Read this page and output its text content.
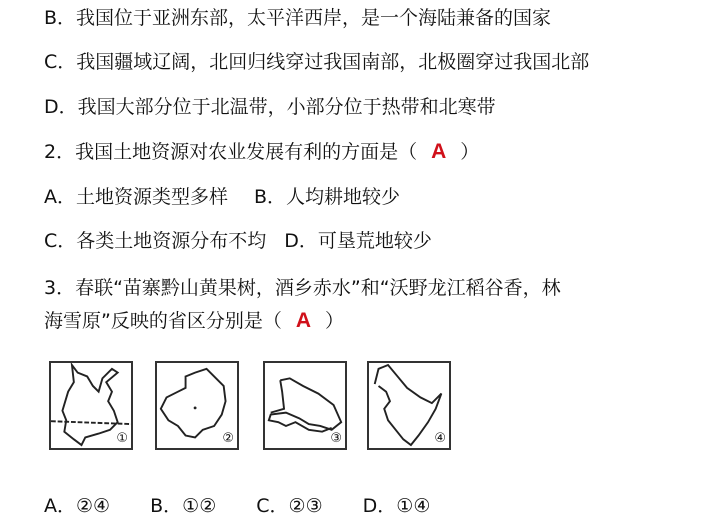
B．我国位于亚洲东部，太平洋西岸，是一个海陆兼备的国家
C．我国疆域辽阔，北回归线穿过我国南部，北极圈穿过我国北部
D．我国大部分位于北温带，小部分位于热带和北寒带
2．我国土地资源对农业发展有利的方面是（ A ）
A．土地资源类型多样 B．人均耕地较少
C．各类土地资源分布不均 D．可垦荒地较少
3．春联“苗寨黔山黄果树，酒乡赤水”和“沃野龙江稻谷香，林
海雪原”反映的省区分别是（ A ）
①	②	③	④
A．②④ B．①② C．②③ D．①④
